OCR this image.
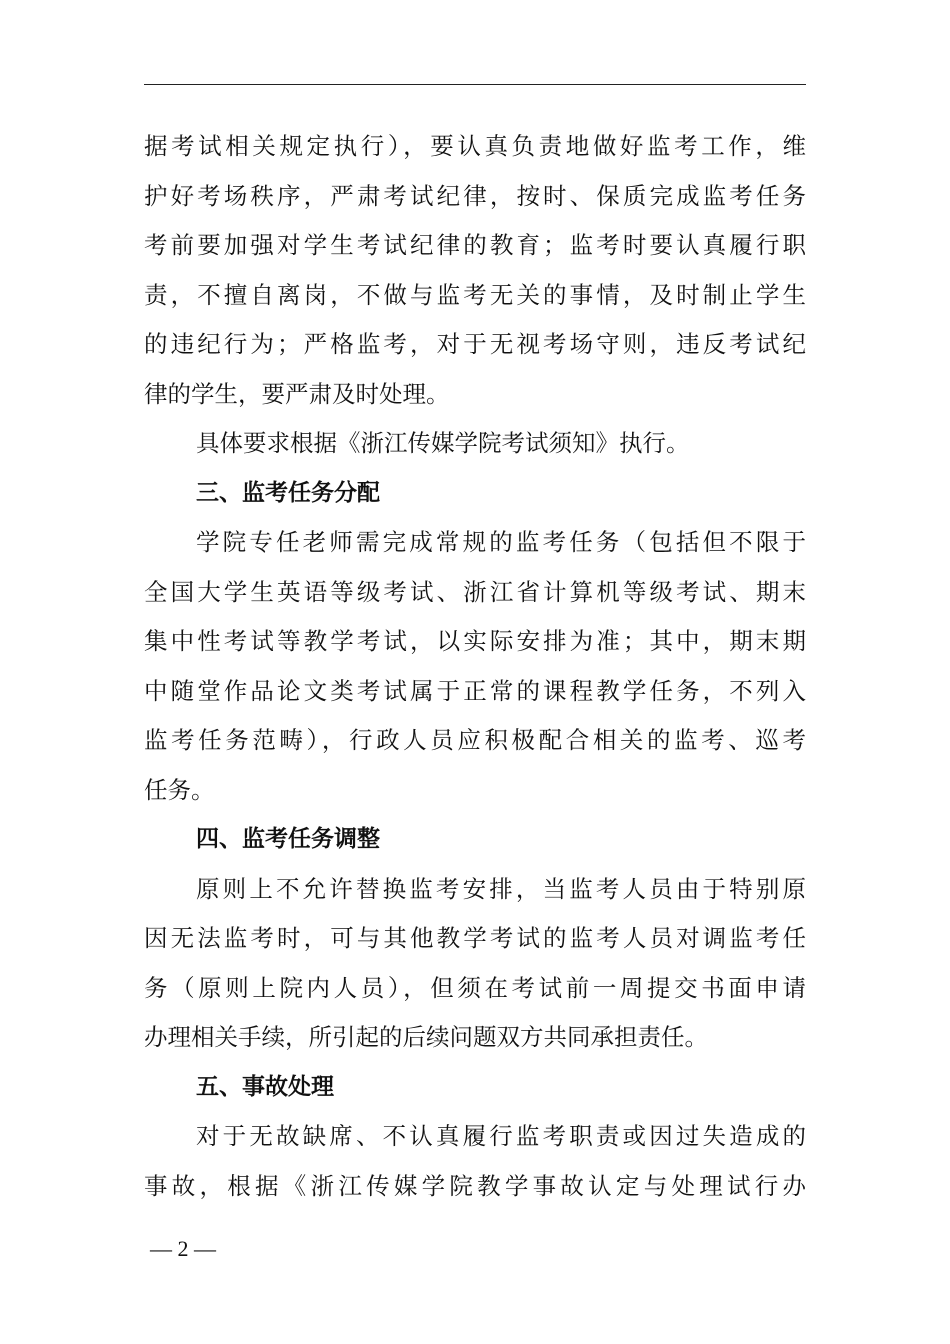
据考试相关规定执行），要认真负责地做好监考工作，维
护好考场秩序，严肃考试纪律，按时、保质完成监考任务
考前要加强对学生考试纪律的教育；监考时要认真履行职
责，不擅自离岗，不做与监考无关的事情，及时制止学生
的违纪行为；严格监考，对于无视考场守则，违反考试纪
律的学生，要严肃及时处理。
具体要求根据《浙江传媒学院考试须知》执行。
三、监考任务分配
学院专任老师需完成常规的监考任务（包括但不限于
全国大学生英语等级考试、浙江省计算机等级考试、期末
集中性考试等教学考试，以实际安排为准；其中，期末期
中随堂作品论文类考试属于正常的课程教学任务，不列入
监考任务范畴），行政人员应积极配合相关的监考、巡考
任务。
四、监考任务调整
原则上不允许替换监考安排，当监考人员由于特别原
因无法监考时，可与其他教学考试的监考人员对调监考任
务（原则上院内人员），但须在考试前一周提交书面申请
办理相关手续，所引起的后续问题双方共同承担责任。
五、事故处理
对于无故缺席、不认真履行监考职责或因过失造成的
事故，根据《浙江传媒学院教学事故认定与处理试行办
— 2 —
